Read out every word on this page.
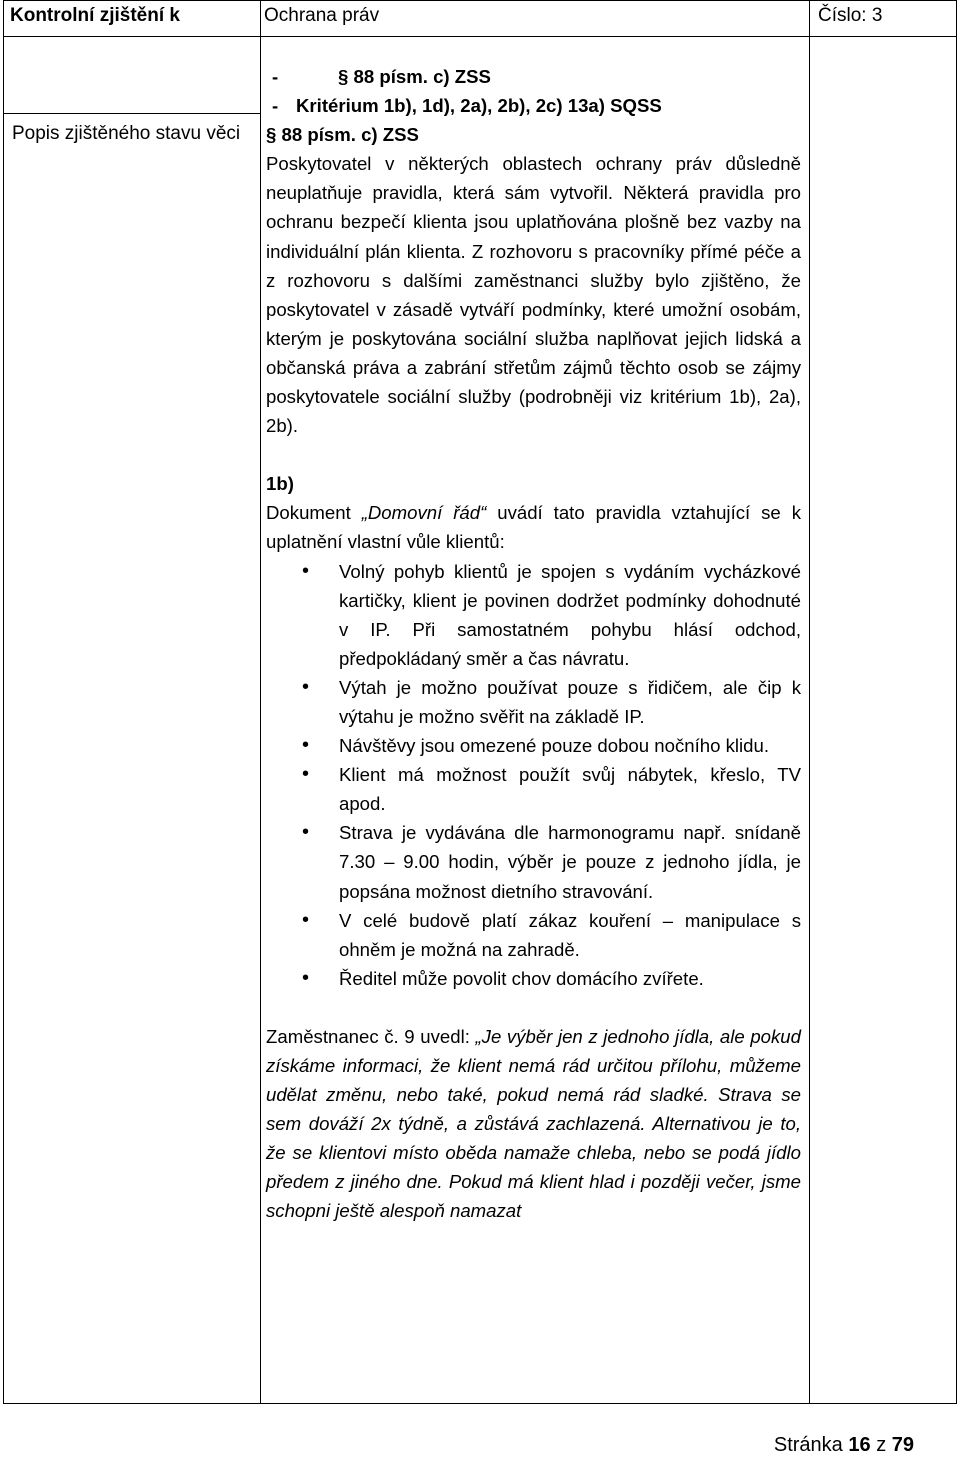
Kontrolní zjištění k	Ochrana práv	Číslo: 3
Popis zjištěného stavu věci

-	§ 88 písm. c) ZSS

- Kritérium 1b), 1d), 2a), 2b), 2c) 13a) SQSS

§ 88 písm. c) ZSS

Poskytovatel v některých oblastech ochrany práv důsledně neuplatňuje pravidla, která sám vytvořil. Některá pravidla pro ochranu bezpečí klienta jsou uplatňována plošně bez vazby na individuální plán klienta. Z rozhovoru s pracovníky přímé péče a z rozhovoru s dalšími zaměstnanci služby bylo zjištěno, že poskytovatel v zásadě vytváří podmínky, které umožní osobám, kterým je poskytována sociální služba naplňovat jejich lidská a občanská práva a zabrání střetům zájmů těchto osob se zájmy poskytovatele sociální služby (podrobněji viz kritérium 1b), 2a), 2b).

1b)

Dokument „Domovní řád“ uvádí tato pravidla vztahující se k uplatnění vlastní vůle klientů:

• Volný pohyb klientů je spojen s vydáním vycházkové kartičky, klient je povinen dodržet podmínky dohodnuté v IP. Při samostatném pohybu hlásí odchod, předpokládaný směr a čas návratu.
• Výtah je možno používat pouze s řidičem, ale čip k výtahu je možno svěřit na základě IP.
• Návštěvy jsou omezené pouze dobou nočního klidu.
• Klient má možnost použít svůj nábytek, křeslo, TV apod.
• Strava je vydávána dle harmonogramu např. snídaně 7.30 – 9.00 hodin, výběr je pouze z jednoho jídla, je popsána možnost dietního stravování.
• V celé budově platí zákaz kouření – manipulace s ohněm je možná na zahradě.
• Ředitel může povolit chov domácího zvířete.

Zaměstnanec č. 9 uvedl: „Je výběr jen z jednoho jídla, ale pokud získáme informaci, že klient nemá rád určitou přílohu, můžeme udělat změnu, nebo také, pokud nemá rád sladké. Strava se sem dováží 2x týdně, a zůstává zachlazená. Alternativou je to, že se klientovi místo oběda namaže chleba, nebo se podá jídlo předem z jiného dne. Pokud má klient hlad i později večer, jsme schopni ještě alespoň namazat

Stránka 16 z 79
